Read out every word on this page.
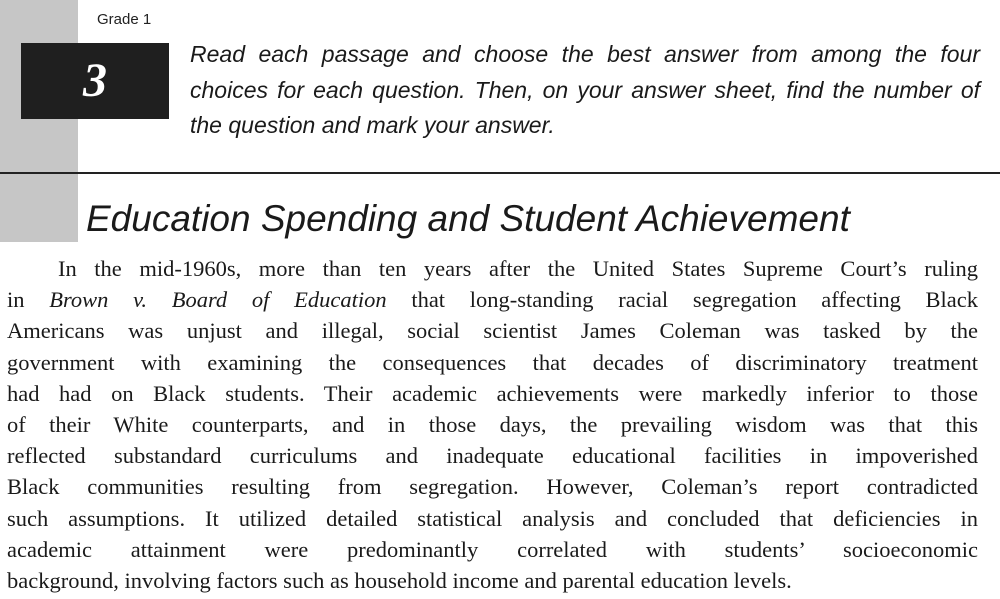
Grade 1
3	Read each passage and choose the best answer from among the four choices for each question. Then, on your answer sheet, find the number of the question and mark your answer.

Education Spending and Student Achievement
In the mid-1960s, more than ten years after the United States Supreme Court’s ruling
in Brown v. Board of Education that long-standing racial segregation affecting Black
Americans was unjust and illegal, social scientist James Coleman was tasked by the
government with examining the consequences that decades of discriminatory treatment
had had on Black students. Their academic achievements were markedly inferior to those
of their White counterparts, and in those days, the prevailing wisdom was that this
reflected substandard curriculums and inadequate educational facilities in impoverished
Black communities resulting from segregation. However, Coleman’s report contradicted
such assumptions. It utilized detailed statistical analysis and concluded that deficiencies in
academic attainment were predominantly correlated with students’ socioeconomic
background, involving factors such as household income and parental education levels.
